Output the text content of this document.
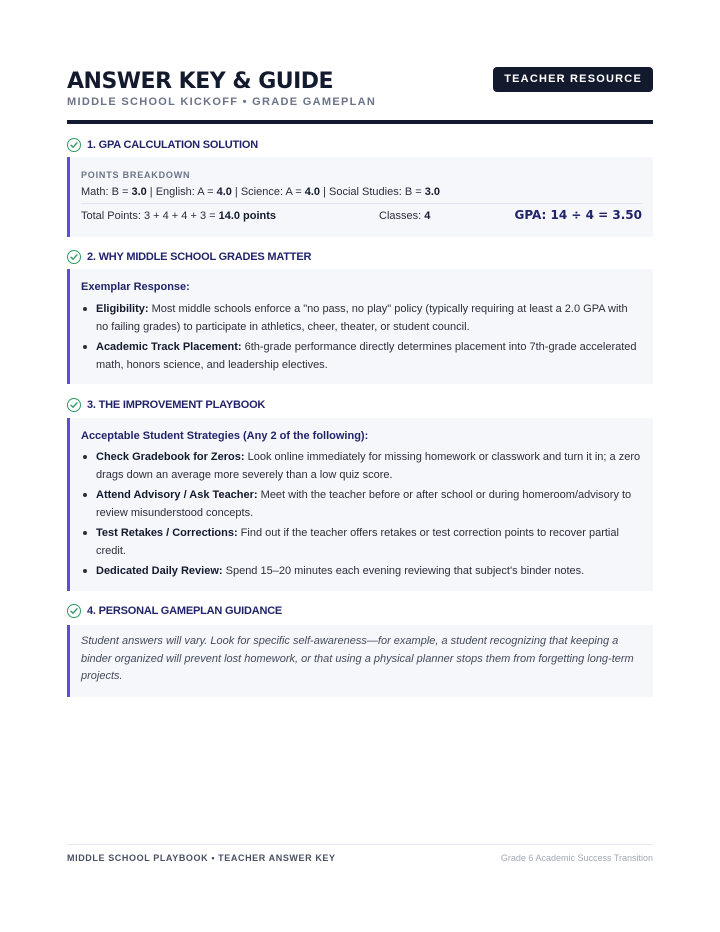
ANSWER KEY & GUIDE
MIDDLE SCHOOL KICKOFF • GRADE GAMEPLAN
TEACHER RESOURCE
1. GPA CALCULATION SOLUTION
POINTS BREAKDOWN
Math: B = 3.0 | English: A = 4.0 | Science: A = 4.0 | Social Studies: B = 3.0
Total Points: 3 + 4 + 4 + 3 = 14.0 points	Classes: 4	GPA: 14 ÷ 4 = 3.50
2. WHY MIDDLE SCHOOL GRADES MATTER
Exemplar Response:
Eligibility: Most middle schools enforce a "no pass, no play" policy (typically requiring at least a 2.0 GPA with no failing grades) to participate in athletics, cheer, theater, or student council.
Academic Track Placement: 6th-grade performance directly determines placement into 7th-grade accelerated math, honors science, and leadership electives.
3. THE IMPROVEMENT PLAYBOOK
Acceptable Student Strategies (Any 2 of the following):
Check Gradebook for Zeros: Look online immediately for missing homework or classwork and turn it in; a zero drags down an average more severely than a low quiz score.
Attend Advisory / Ask Teacher: Meet with the teacher before or after school or during homeroom/advisory to review misunderstood concepts.
Test Retakes / Corrections: Find out if the teacher offers retakes or test correction points to recover partial credit.
Dedicated Daily Review: Spend 15–20 minutes each evening reviewing that subject's binder notes.
4. PERSONAL GAMEPLAN GUIDANCE
Student answers will vary. Look for specific self-awareness—for example, a student recognizing that keeping a binder organized will prevent lost homework, or that using a physical planner stops them from forgetting long-term projects.
MIDDLE SCHOOL PLAYBOOK • TEACHER ANSWER KEY	Grade 6 Academic Success Transition
